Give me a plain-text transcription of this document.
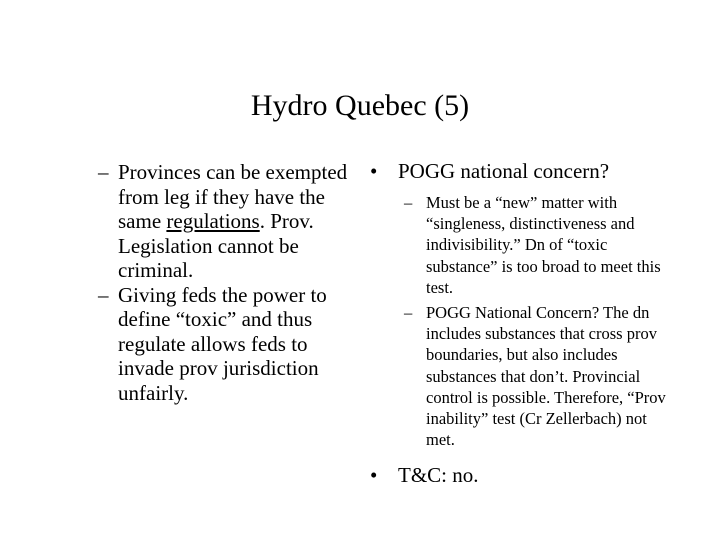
Hydro Quebec (5)
– Provinces can be exempted from leg if they have the same regulations. Prov. Legislation cannot be criminal.
– Giving feds the power to define “toxic” and thus regulate allows feds to invade prov jurisdiction unfairly.
• POGG national concern?
– Must be a “new” matter with “singleness, distinctiveness and indivisibility.” Dn of “toxic substance” is too broad to meet this test.
– POGG National Concern? The dn includes substances that cross prov boundaries, but also includes substances that don’t. Provincial control is possible. Therefore, “Prov inability” test (Cr Zellerbach) not met.
• T&C: no.
